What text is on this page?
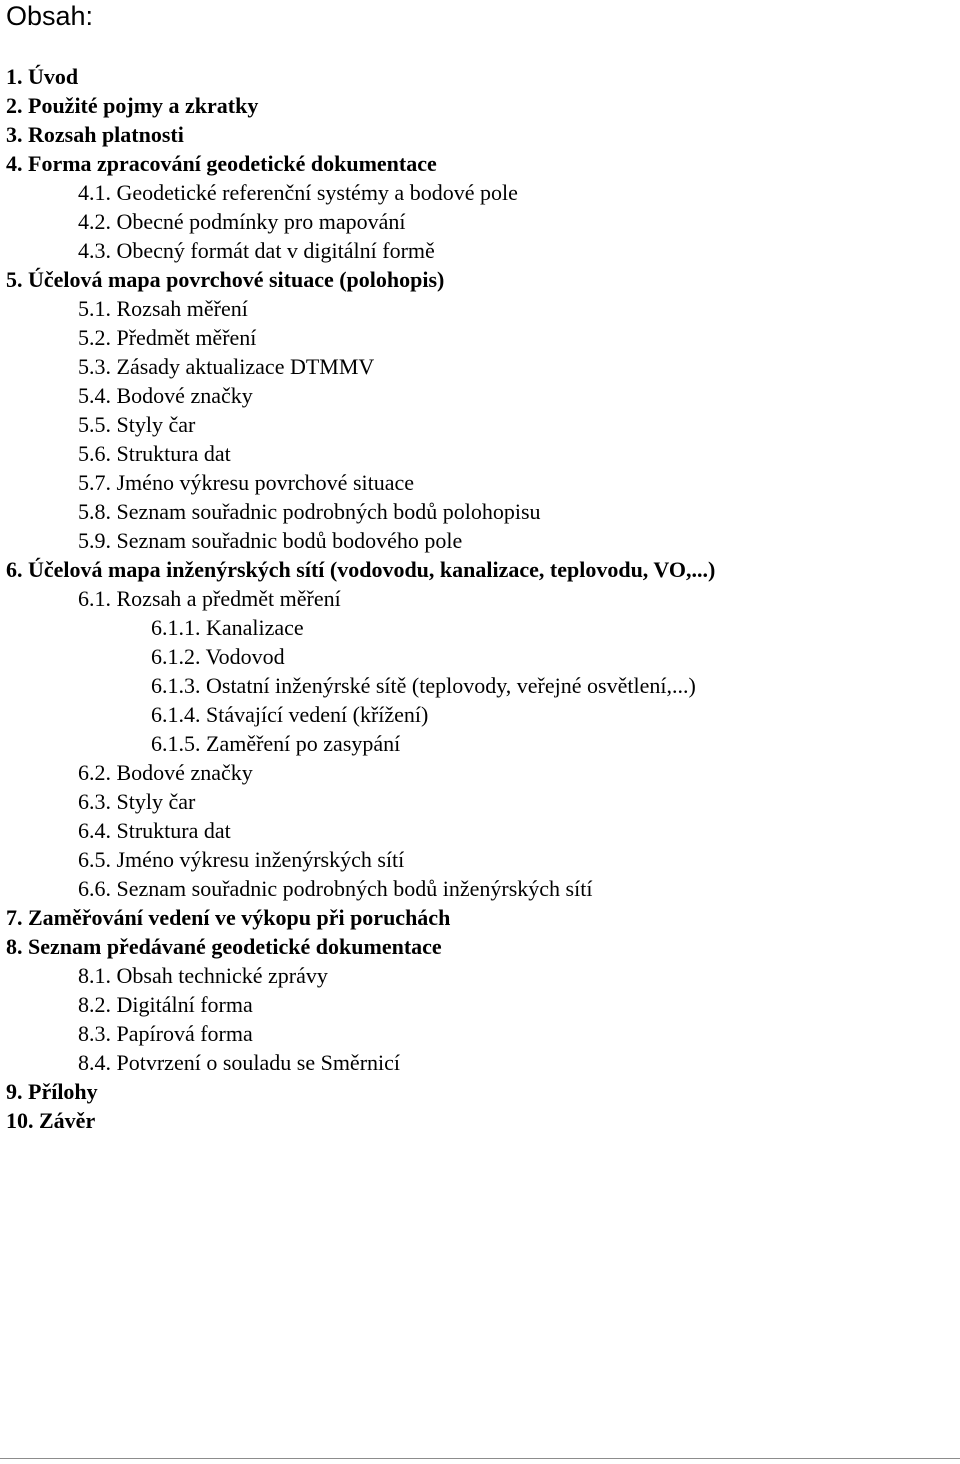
Obsah:
1. Úvod
2. Použité pojmy a zkratky
3. Rozsah platnosti
4. Forma zpracování geodetické dokumentace
4.1. Geodetické referenční systémy a bodové pole
4.2. Obecné podmínky pro mapování
4.3. Obecný formát dat v digitální formě
5. Účelová mapa povrchové situace (polohopis)
5.1. Rozsah měření
5.2. Předmět měření
5.3. Zásady aktualizace DTMMV
5.4. Bodové značky
5.5. Styly čar
5.6. Struktura dat
5.7. Jméno výkresu povrchové situace
5.8. Seznam souřadnic podrobných bodů polohopisu
5.9. Seznam souřadnic bodů bodového pole
6. Účelová mapa inženýrských sítí (vodovodu, kanalizace, teplovodu, VO,...)
6.1. Rozsah a předmět měření
6.1.1. Kanalizace
6.1.2. Vodovod
6.1.3. Ostatní inženýrské sítě (teplovody, veřejné osvětlení,...)
6.1.4. Stávající vedení (křížení)
6.1.5. Zaměření po zasypání
6.2. Bodové značky
6.3. Styly čar
6.4. Struktura dat
6.5. Jméno výkresu inženýrských sítí
6.6. Seznam souřadnic podrobných bodů inženýrských sítí
7. Zaměřování vedení ve výkopu při poruchách
8. Seznam předávané geodetické dokumentace
8.1. Obsah technické zprávy
8.2. Digitální forma
8.3. Papírová forma
8.4. Potvrzení o souladu se Směrnicí
9. Přílohy
10. Závěr
